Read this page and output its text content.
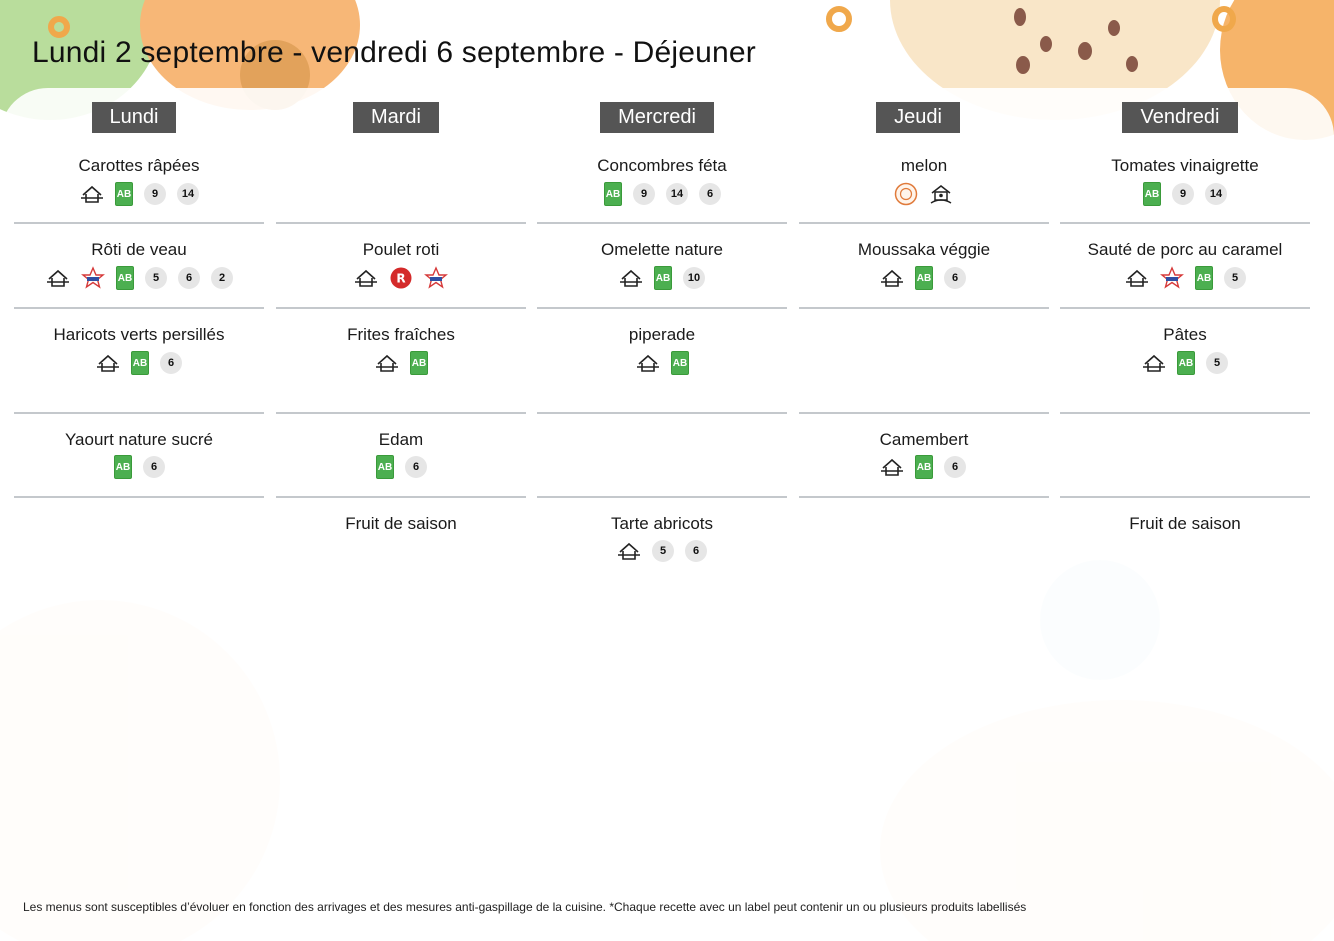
Lundi 2 septembre - vendredi 6 septembre - Déjeuner
Les menus sont susceptibles d’évoluer en fonction des arrivages et des mesures anti-gaspillage de la cuisine. *Chaque recette avec un label peut contenir un ou plusieurs produits labellisés
Lundi
Carottes râpées
AB	9	14
Rôti de veau
AB	5	6	2
Haricots verts persillés
AB	6
Yaourt nature sucré
AB	6
Mardi
Poulet roti
R
Frites fraîches
AB
Edam
AB	6
Fruit de saison
Mercredi
Concombres féta
AB	9	14	6
Omelette nature
AB	10
piperade
AB
Tarte abricots
5	6
Jeudi
melon
Moussaka véggie
AB	6
Camembert
AB	6
Vendredi
Tomates vinaigrette
AB	9	14
Sauté de porc au caramel
AB	5
Pâtes
AB	5
Fruit de saison
